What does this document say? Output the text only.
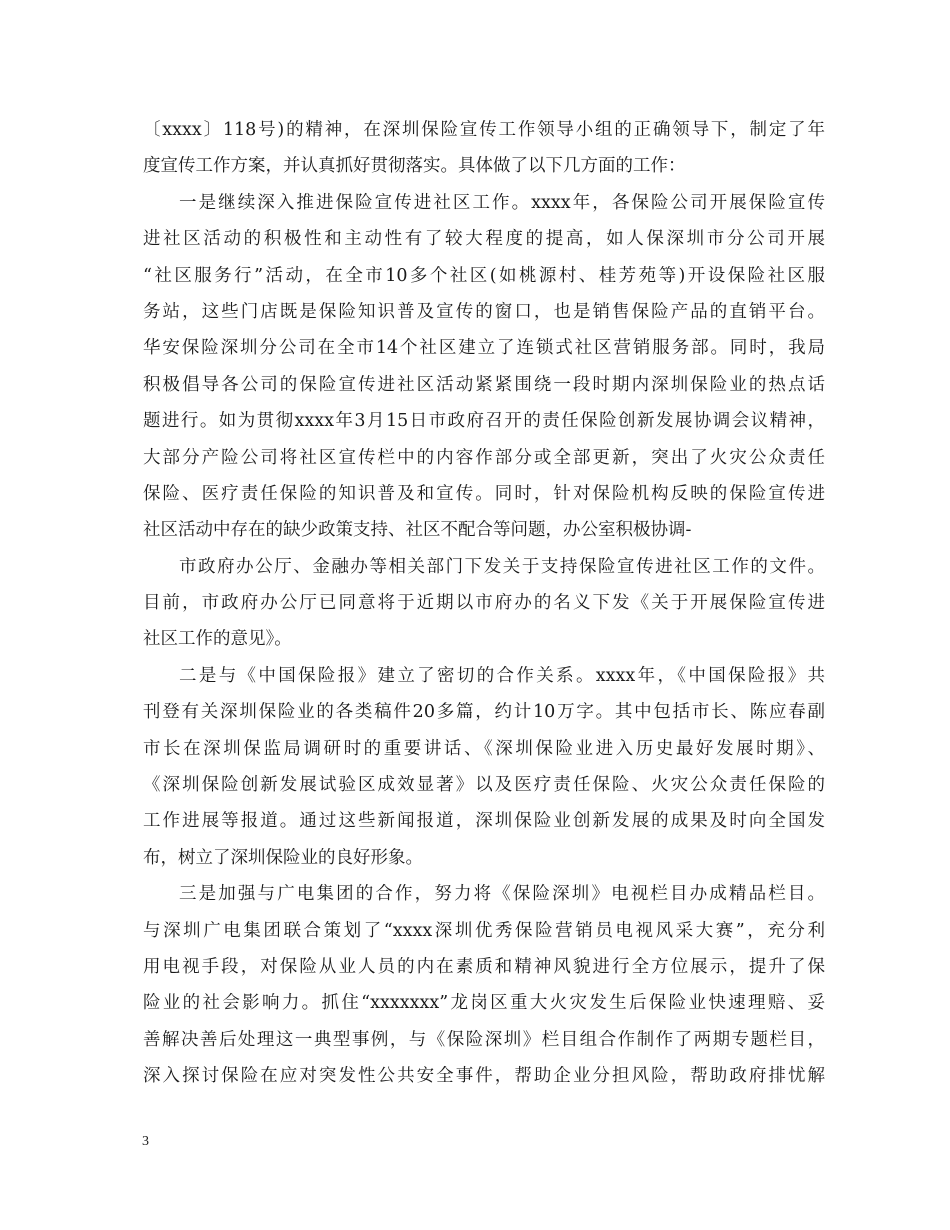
〔xxxx〕118号)的精神，在深圳保险宣传工作领导小组的正确领导下，制定了年
度宣传工作方案，并认真抓好贯彻落实。具体做了以下几方面的工作：
一是继续深入推进保险宣传进社区工作。xxxx年，各保险公司开展保险宣传
进社区活动的积极性和主动性有了较大程度的提高，如人保深圳市分公司开展
“社区服务行”活动，在全市10多个社区(如桃源村、桂芳苑等)开设保险社区服
务站，这些门店既是保险知识普及宣传的窗口，也是销售保险产品的直销平台。
华安保险深圳分公司在全市14个社区建立了连锁式社区营销服务部。同时，我局
积极倡导各公司的保险宣传进社区活动紧紧围绕一段时期内深圳保险业的热点话
题进行。如为贯彻xxxx年3月15日市政府召开的责任保险创新发展协调会议精神，
大部分产险公司将社区宣传栏中的内容作部分或全部更新，突出了火灾公众责任
保险、医疗责任保险的知识普及和宣传。同时，针对保险机构反映的保险宣传进
社区活动中存在的缺少政策支持、社区不配合等问题，办公室积极协调-
市政府办公厅、金融办等相关部门下发关于支持保险宣传进社区工作的文件。
目前，市政府办公厅已同意将于近期以市府办的名义下发《关于开展保险宣传进
社区工作的意见》。
二是与《中国保险报》建立了密切的合作关系。xxxx年，《中国保险报》共
刊登有关深圳保险业的各类稿件20多篇，约计10万字。其中包括市长、陈应春副
市长在深圳保监局调研时的重要讲话、《深圳保险业进入历史最好发展时期》、
《深圳保险创新发展试验区成效显著》以及医疗责任保险、火灾公众责任保险的
工作进展等报道。通过这些新闻报道，深圳保险业创新发展的成果及时向全国发
布，树立了深圳保险业的良好形象。
三是加强与广电集团的合作，努力将《保险深圳》电视栏目办成精品栏目。
与深圳广电集团联合策划了“xxxx深圳优秀保险营销员电视风采大赛”，充分利
用电视手段，对保险从业人员的内在素质和精神风貌进行全方位展示，提升了保
险业的社会影响力。抓住“xxxxxxx”龙岗区重大火灾发生后保险业快速理赔、妥
善解决善后处理这一典型事例，与《保险深圳》栏目组合作制作了两期专题栏目，
深入探讨保险在应对突发性公共安全事件，帮助企业分担风险，帮助政府排忧解
3
